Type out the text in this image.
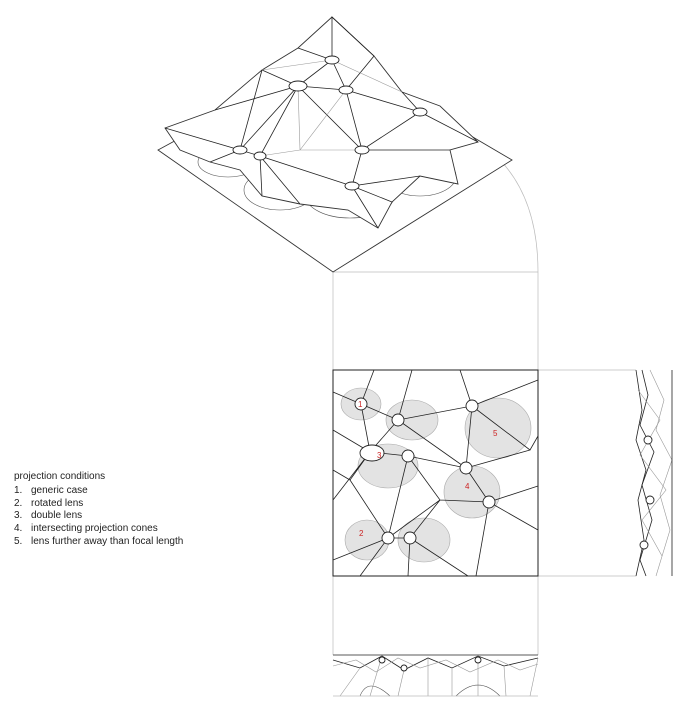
1
2
3
4
5
projection conditions
1. generic case
2. rotated lens
3. double lens
4. intersecting projection cones
5. lens further away than focal length
